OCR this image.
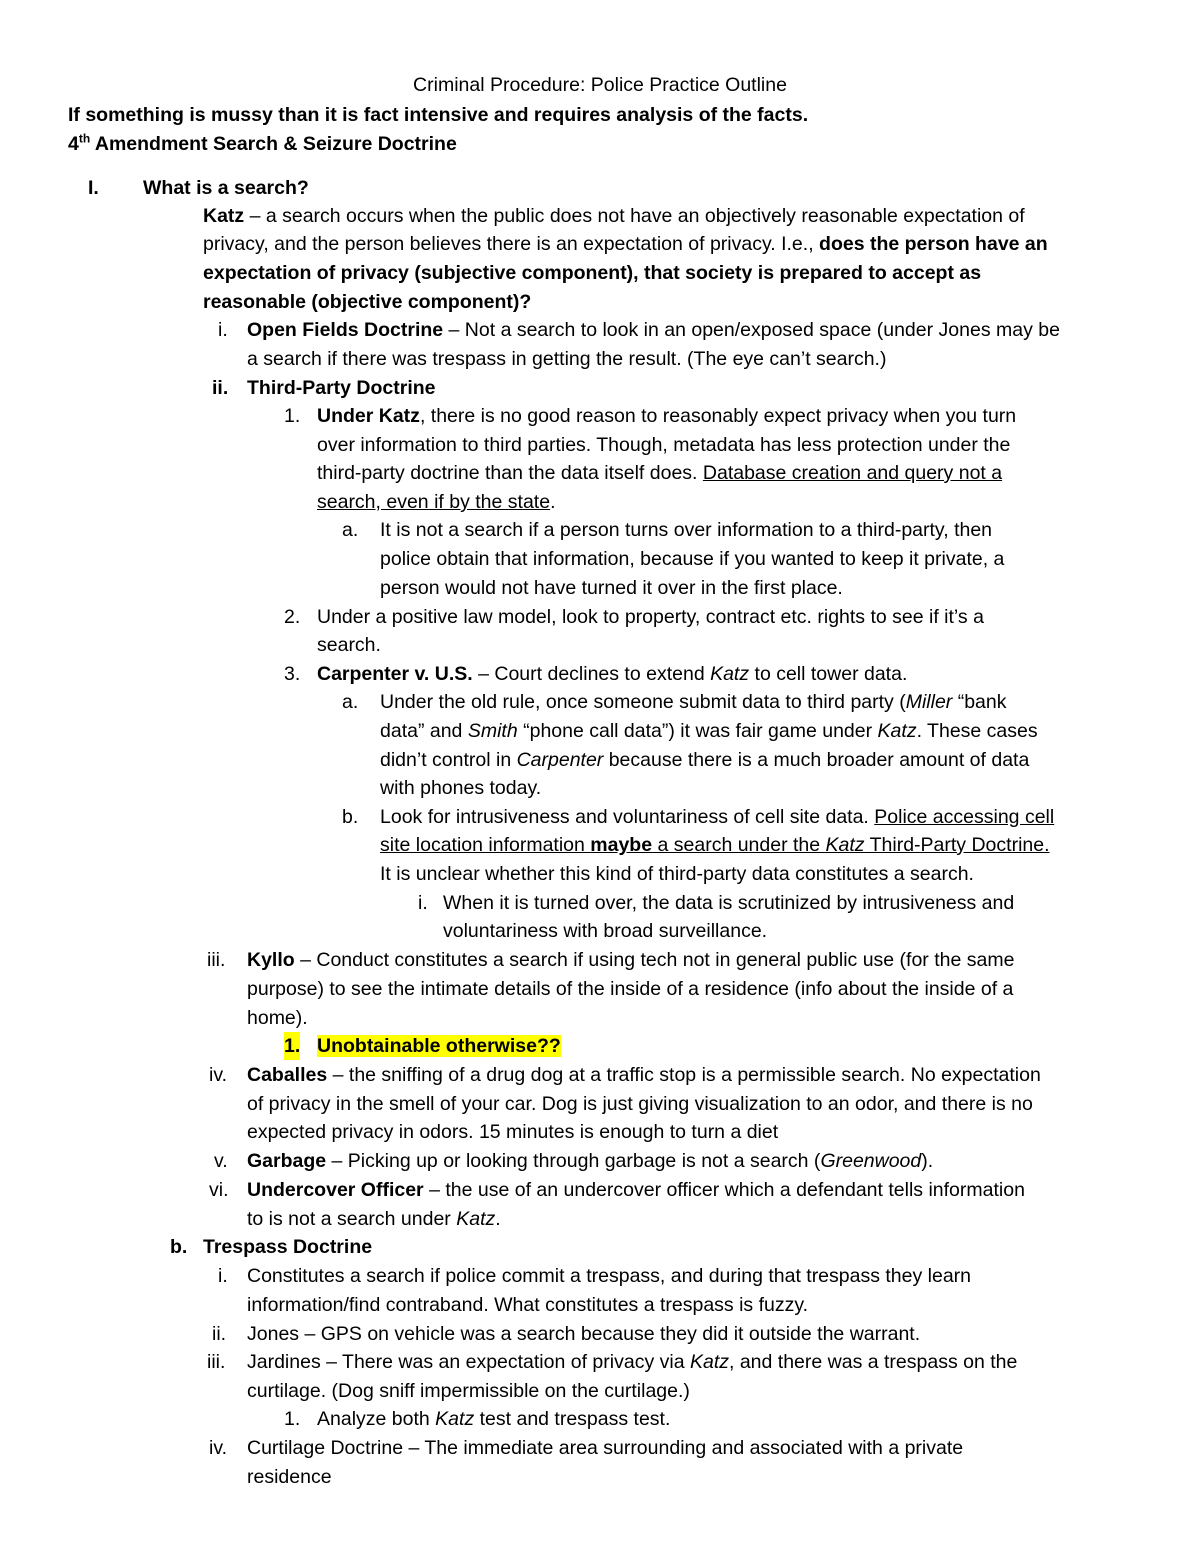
Criminal Procedure: Police Practice Outline
If something is mussy than it is fact intensive and requires analysis of the facts.
4th Amendment Search & Seizure Doctrine
I. What is a search?
Katz – a search occurs when the public does not have an objectively reasonable expectation of
privacy, and the person believes there is an expectation of privacy. I.e., does the person have an
expectation of privacy (subjective component), that society is prepared to accept as
reasonable (objective component)?
i. Open Fields Doctrine – Not a search to look in an open/exposed space (under Jones may be
a search if there was trespass in getting the result. (The eye can’t search.)
ii. Third-Party Doctrine
1. Under Katz, there is no good reason to reasonably expect privacy when you turn
over information to third parties. Though, metadata has less protection under the
third-party doctrine than the data itself does. Database creation and query not a
search, even if by the state.
a. It is not a search if a person turns over information to a third-party, then
police obtain that information, because if you wanted to keep it private, a
person would not have turned it over in the first place.
2. Under a positive law model, look to property, contract etc. rights to see if it’s a
search.
3. Carpenter v. U.S. – Court declines to extend Katz to cell tower data.
a. Under the old rule, once someone submit data to third party (Miller “bank
data” and Smith “phone call data”) it was fair game under Katz. These cases
didn’t control in Carpenter because there is a much broader amount of data
with phones today.
b. Look for intrusiveness and voluntariness of cell site data. Police accessing cell
site location information maybe a search under the Katz Third-Party Doctrine.
It is unclear whether this kind of third-party data constitutes a search.
i. When it is turned over, the data is scrutinized by intrusiveness and
voluntariness with broad surveillance.
iii. Kyllo – Conduct constitutes a search if using tech not in general public use (for the same
purpose) to see the intimate details of the inside of a residence (info about the inside of a
home).
1. Unobtainable otherwise??
iv. Caballes – the sniffing of a drug dog at a traffic stop is a permissible search. No expectation
of privacy in the smell of your car. Dog is just giving visualization to an odor, and there is no
expected privacy in odors. 15 minutes is enough to turn a diet
v. Garbage – Picking up or looking through garbage is not a search (Greenwood).
vi. Undercover Officer – the use of an undercover officer which a defendant tells information
to is not a search under Katz.
b. Trespass Doctrine
i. Constitutes a search if police commit a trespass, and during that trespass they learn
information/find contraband. What constitutes a trespass is fuzzy.
ii. Jones – GPS on vehicle was a search because they did it outside the warrant.
iii. Jardines – There was an expectation of privacy via Katz, and there was a trespass on the
curtilage. (Dog sniff impermissible on the curtilage.)
1. Analyze both Katz test and trespass test.
iv. Curtilage Doctrine – The immediate area surrounding and associated with a private
residence
